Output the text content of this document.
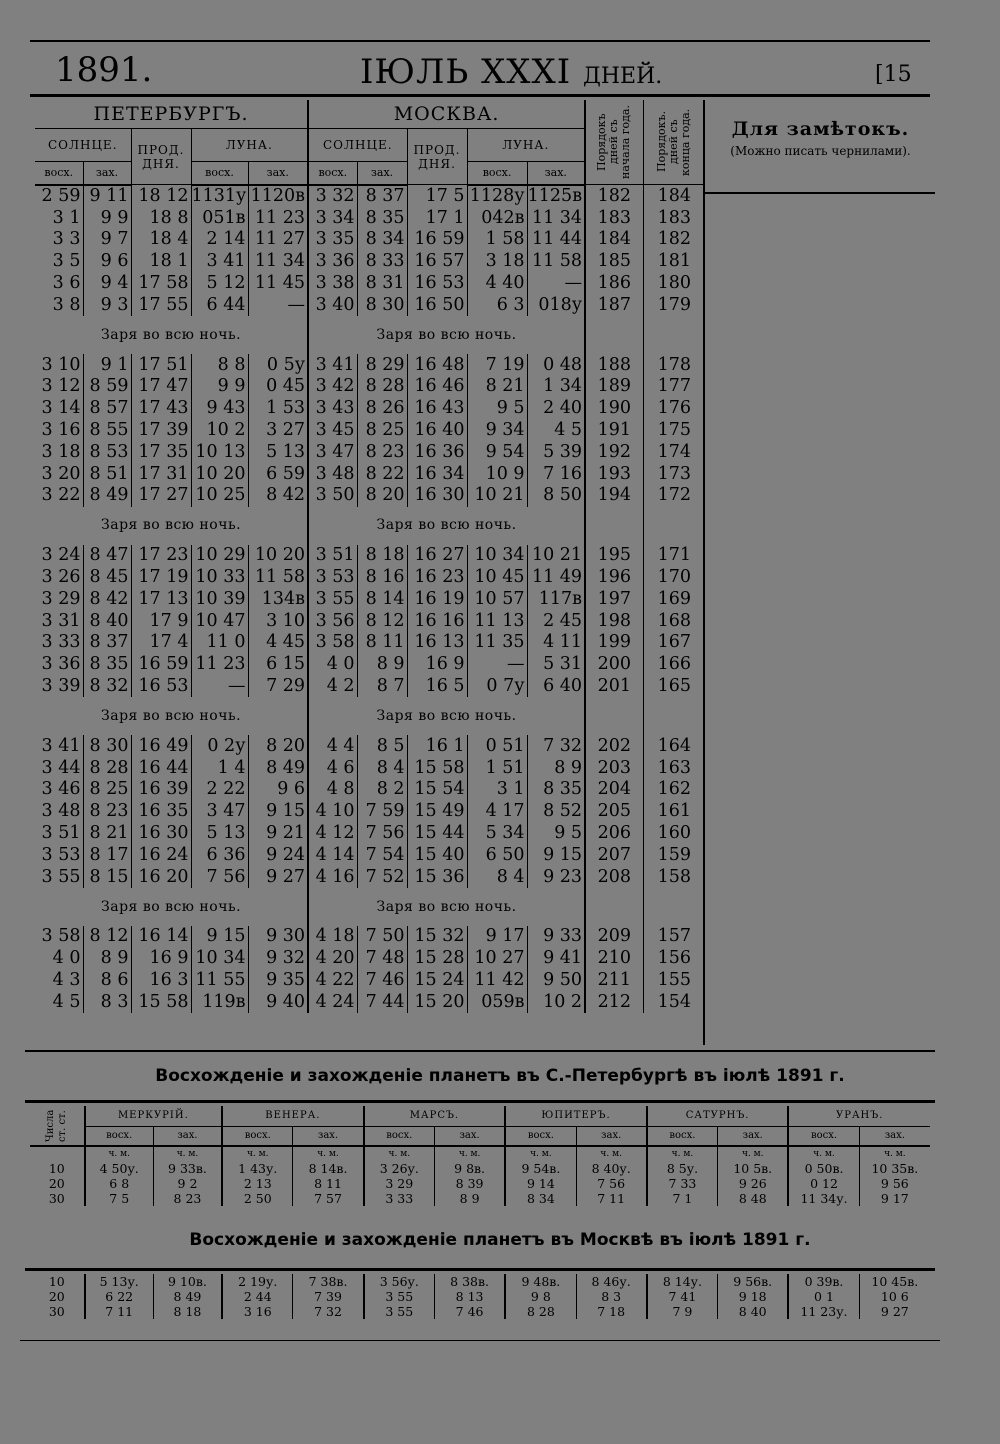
1891.	ІЮЛЬ XXXI ДНЕЙ.	[15
ПЕТЕРБУРГЪ.					МОСКВА.					Порядокъ дней съ начала года.	Порядокъ. дней съ конца года.

СОЛНЦЕ.		ПРОД.
ДНЯ.	ЛУНА.		СОЛНЦЕ.		ПРОД.
ДНЯ.	ЛУНА.			
восх.	зах.		восх.	зах.	восх.	зах.		восх.	зах.		
2 59	9 11	18 12	1131у	1120в	3 32	8 37	17 5	1128у	1125в	182	184
3 1	9 9	18 8	051в	11 23	3 34	8 35	17 1	042в	11 34	183	183
3 3	9 7	18 4	2 14	11 27	3 35	8 34	16 59	1 58	11 44	184	182
3 5	9 6	18 1	3 41	11 34	3 36	8 33	16 57	3 18	11 58	185	181
3 6	9 4	17 58	5 12	11 45	3 38	8 31	16 53	4 40	—	186	180
3 8	9 3	17 55	6 44	—	3 40	8 30	16 50	6 3	018у	187	179
Заря во всю ночь.					Заря во всю ночь.						
3 10	9 1	17 51	8 8	0 5у	3 41	8 29	16 48	7 19	0 48	188	178
3 12	8 59	17 47	9 9	0 45	3 42	8 28	16 46	8 21	1 34	189	177
3 14	8 57	17 43	9 43	1 53	3 43	8 26	16 43	9 5	2 40	190	176
3 16	8 55	17 39	10 2	3 27	3 45	8 25	16 40	9 34	4 5	191	175
3 18	8 53	17 35	10 13	5 13	3 47	8 23	16 36	9 54	5 39	192	174
3 20	8 51	17 31	10 20	6 59	3 48	8 22	16 34	10 9	7 16	193	173
3 22	8 49	17 27	10 25	8 42	3 50	8 20	16 30	10 21	8 50	194	172
Заря во всю ночь.					Заря во всю ночь.						
3 24	8 47	17 23	10 29	10 20	3 51	8 18	16 27	10 34	10 21	195	171
3 26	8 45	17 19	10 33	11 58	3 53	8 16	16 23	10 45	11 49	196	170
3 29	8 42	17 13	10 39	134в	3 55	8 14	16 19	10 57	117в	197	169
3 31	8 40	17 9	10 47	3 10	3 56	8 12	16 16	11 13	2 45	198	168
3 33	8 37	17 4	11 0	4 45	3 58	8 11	16 13	11 35	4 11	199	167
3 36	8 35	16 59	11 23	6 15	4 0	8 9	16 9	—	5 31	200	166
3 39	8 32	16 53	—	7 29	4 2	8 7	16 5	0 7у	6 40	201	165
Заря во всю ночь.					Заря во всю ночь.						
3 41	8 30	16 49	0 2у	8 20	4 4	8 5	16 1	0 51	7 32	202	164
3 44	8 28	16 44	1 4	8 49	4 6	8 4	15 58	1 51	8 9	203	163
3 46	8 25	16 39	2 22	9 6	4 8	8 2	15 54	3 1	8 35	204	162
3 48	8 23	16 35	3 47	9 15	4 10	7 59	15 49	4 17	8 52	205	161
3 51	8 21	16 30	5 13	9 21	4 12	7 56	15 44	5 34	9 5	206	160
3 53	8 17	16 24	6 36	9 24	4 14	7 54	15 40	6 50	9 15	207	159
3 55	8 15	16 20	7 56	9 27	4 16	7 52	15 36	8 4	9 23	208	158
Заря во всю ночь.					Заря во всю ночь.						
3 58	8 12	16 14	9 15	9 30	4 18	7 50	15 32	9 17	9 33	209	157
4 0	8 9	16 9	10 34	9 32	4 20	7 48	15 28	10 27	9 41	210	156
4 3	8 6	16 3	11 55	9 35	4 22	7 46	15 24	11 42	9 50	211	155
4 5	8 3	15 58	119в	9 40	4 24	7 44	15 20	059в	10 2	212	154
Для замѣтокъ.
(Можно писать чернилами).
Восхожденіе и захожденіе планетъ въ С.-Петербургѣ въ іюлѣ 1891 г.
Числа ст. ст.	МЕРКУРІЙ.		ВЕНЕРА.		МАРСЪ.		ЮПИТЕРЪ.		САТУРНЪ.		УРАНЪ.	
	восх.	зах.	восх.	зах.	восх.	зах.	восх.	зах.	восх.	зах.	восх.	зах.
	ч. м.	ч. м.	ч. м.	ч. м.	ч. м.	ч. м.	ч. м.	ч. м.	ч. м.	ч. м.	ч. м.	ч. м.
10	4 50у.	9 33в.	1 43у.	8 14в.	3 26у.	9 8в.	9 54в.	8 40у.	8 5у.	10 5в.	0 50в.	10 35в.
20	6 8	9 2	2 13	8 11	3 29	8 39	9 14	7 56	7 33	9 26	0 12	9 56
30	7 5	8 23	2 50	7 57	3 33	8 9	8 34	7 11	7 1	8 48	11 34у.	9 17
Восхожденіе и захожденіе планетъ въ Москвѣ въ іюлѣ 1891 г.
10	5 13у.	9 10в.	2 19у.	7 38в.	3 56у.	8 38в.	9 48в.	8 46у.	8 14у.	9 56в.	0 39в.	10 45в.
20	6 22	8 49	2 44	7 39	3 55	8 13	9 8	8 3	7 41	9 18	0 1	10 6
30	7 11	8 18	3 16	7 32	3 55	7 46	8 28	7 18	7 9	8 40	11 23у.	9 27
